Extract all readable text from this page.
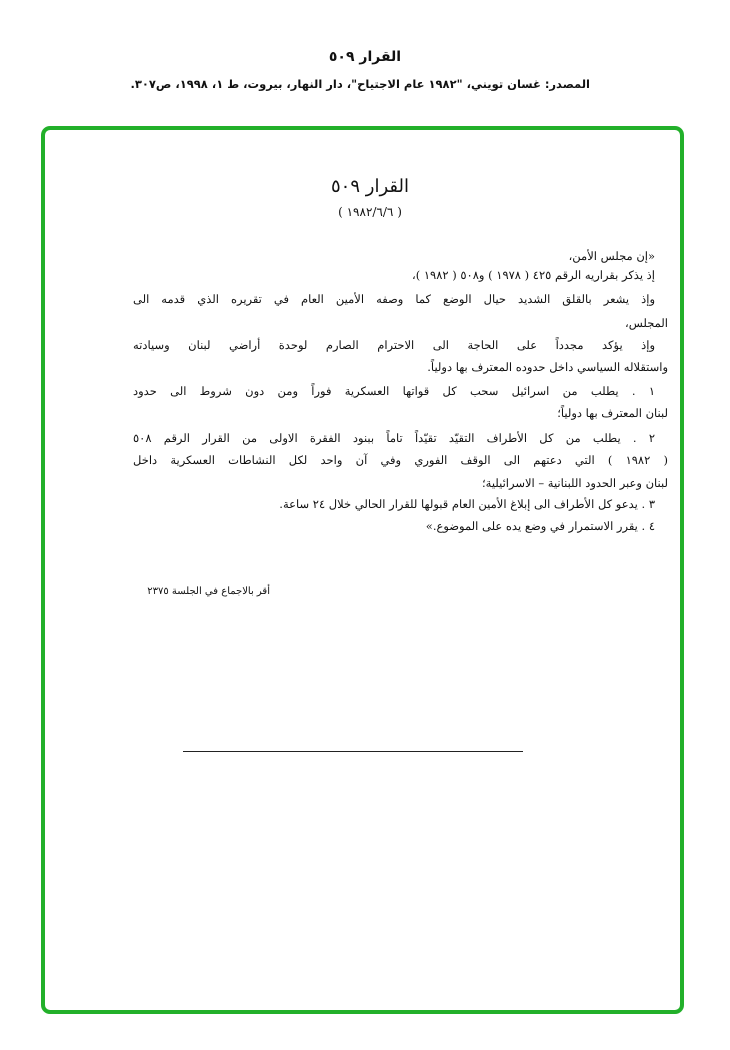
القرار ٥٠٩
المصدر: غسان تويني، "١٩٨٢ عام الاجتياح"، دار النهار، بيروت، ط ١، ١٩٩٨، ص٣٠٧.
القرار ٥٠٩
( ١٩٨٢/٦/٦ )
«إن مجلس الأمن،
إذ يذكر بقراريه الرقم ٤٢٥ ( ١٩٧٨ ) و٥٠٨ ( ١٩٨٢ )،
وإذ يشعر بالقلق الشديد حيال الوضع كما وصفه الأمين العام في تقريره الذي قدمه الى
المجلس،
وإذ يؤكد مجدداً على الحاجة الى الاحترام الصارم لوحدة أراضي لبنان وسيادته
واستقلاله السياسي داخل حدوده المعترف بها دولياً.
١ . يطلب من اسرائيل سحب كل قواتها العسكرية فوراً ومن دون شروط الى حدود
لبنان المعترف بها دولياً؛
٢ . يطلب من كل الأطراف التقيّد تقيّداً تاماً ببنود الفقرة الاولى من القرار الرقم ٥٠٨
( ١٩٨٢ ) التي دعتهم الى الوقف الفوري وفي آن واحد لكل النشاطات العسكرية داخل
لبنان وعبر الحدود اللبنانية – الاسرائيلية؛
٣ . يدعو كل الأطراف الى إبلاغ الأمين العام قبولها للقرار الحالي خلال ٢٤ ساعة.
٤ . يقرر الاستمرار في وضع يده على الموضوع.»
أقر بالاجماع في الجلسة ٢٣٧٥
